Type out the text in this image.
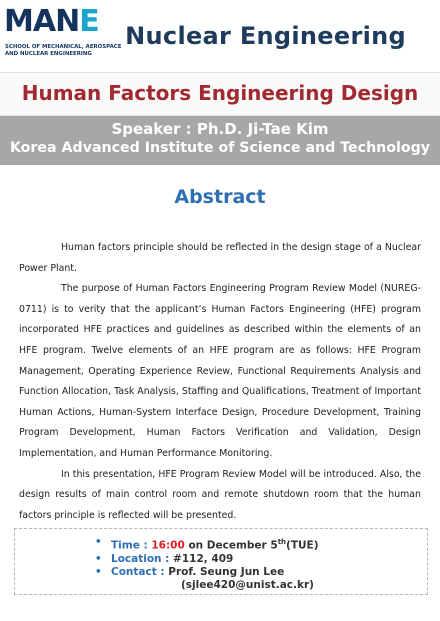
MANE
SCHOOL OF MECHANICAL, AEROSPACE
AND NUCLEAR ENGINEERING
Nuclear Engineering
Human Factors Engineering Design
Speaker : Ph.D. Ji-Tae Kim
Korea Advanced Institute of Science and Technology
Abstract

Human factors principle should be reflected in the design stage of a Nuclear Power Plant.

The purpose of Human Factors Engineering Program Review Model (NUREG-0711) is to verity that the applicant’s Human Factors Engineering (HFE) program incorporated HFE practices and guidelines as described within the elements of an HFE program. Twelve elements of an HFE program are as follows: HFE Program Management, Operating Experience Review, Functional Requirements Analysis and Function Allocation, Task Analysis, Staffing and Qualifications, Treatment of Important Human Actions, Human-System Interface Design, Procedure Development, Training Program Development, Human Factors Verification and Validation, Design Implementation, and Human Performance Monitoring.

In this presentation, HFE Program Review Model will be introduced. Also, the design results of main control room and remote shutdown room that the human factors principle is reflected will be presented.

• Time : 16:00 on December 5th(TUE)
• Location : #112, 409
• Contact : Prof. Seung Jun Lee
(sjlee420@unist.ac.kr)
